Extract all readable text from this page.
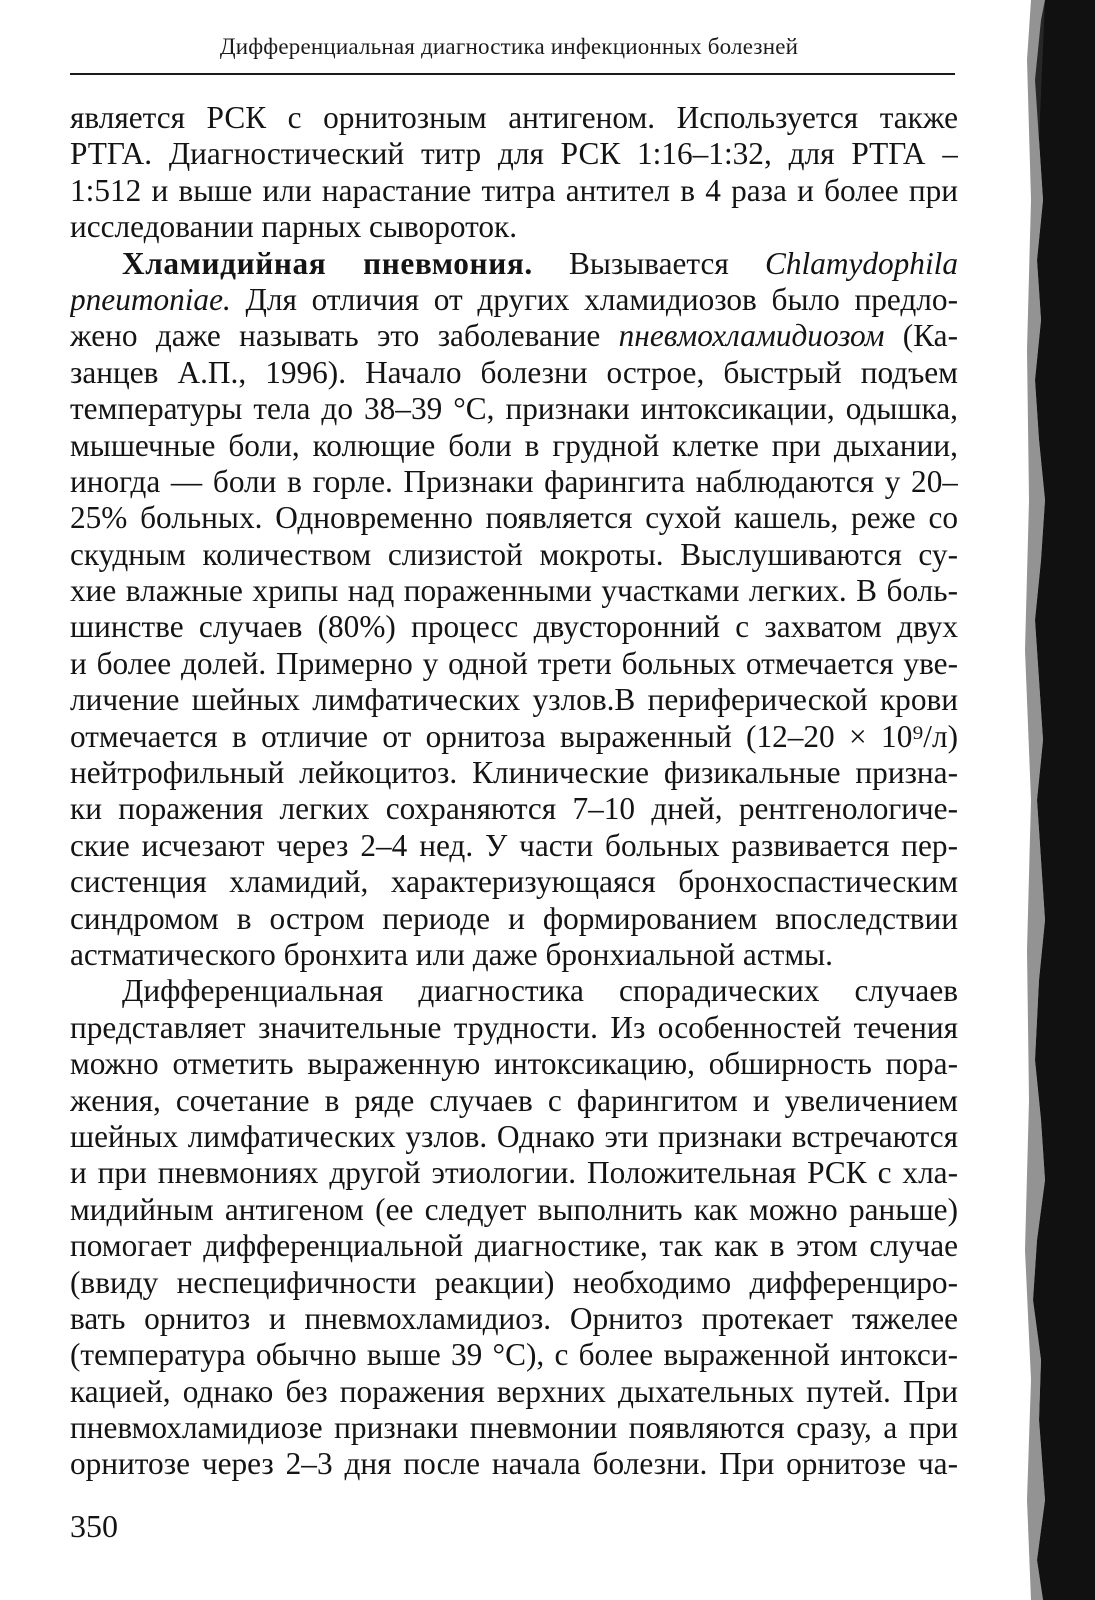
Дифференциальная диагностика инфекционных болезней
является РСК с орнитозным антигеном. Используется также
РТГА. Диагностический титр для РСК 1:16–1:32, для РТГА –
1:512 и выше или нарастание титра антител в 4 раза и более при
исследовании парных сывороток.
Хламидийная пневмония. Вызывается Chlamydophila
pneumoniae. Для отличия от других хламидиозов было предло-
жено даже называть это заболевание пневмохламидиозом (Ка-
занцев А.П., 1996). Начало болезни острое, быстрый подъем
температуры тела до 38–39 °С, признаки интоксикации, одышка,
мышечные боли, колющие боли в грудной клетке при дыхании,
иногда — боли в горле. Признаки фарингита наблюдаются у 20–
25% больных. Одновременно появляется сухой кашель, реже со
скудным количеством слизистой мокроты. Выслушиваются су-
хие влажные хрипы над пораженными участками легких. В боль-
шинстве случаев (80%) процесс двусторонний с захватом двух
и более долей. Примерно у одной трети больных отмечается уве-
личение шейных лимфатических узлов.В периферической крови
отмечается в отличие от орнитоза выраженный (12–20 × 10⁹/л)
нейтрофильный лейкоцитоз. Клинические физикальные призна-
ки поражения легких сохраняются 7–10 дней, рентгенологиче-
ские исчезают через 2–4 нед. У части больных развивается пер-
систенция хламидий, характеризующаяся бронхоспастическим
синдромом в остром периоде и формированием впоследствии
астматического бронхита или даже бронхиальной астмы.
Дифференциальная диагностика спорадических случаев
представляет значительные трудности. Из особенностей течения
можно отметить выраженную интоксикацию, обширность пора-
жения, сочетание в ряде случаев с фарингитом и увеличением
шейных лимфатических узлов. Однако эти признаки встречаются
и при пневмониях другой этиологии. Положительная РСК с хла-
мидийным антигеном (ее следует выполнить как можно раньше)
помогает дифференциальной диагностике, так как в этом случае
(ввиду неспецифичности реакции) необходимо дифференциро-
вать орнитоз и пневмохламидиоз. Орнитоз протекает тяжелее
(температура обычно выше 39 °С), с более выраженной интокси-
кацией, однако без поражения верхних дыхательных путей. При
пневмохламидиозе признаки пневмонии появляются сразу, а при
орнитозе через 2–3 дня после начала болезни. При орнитозе ча-
350
